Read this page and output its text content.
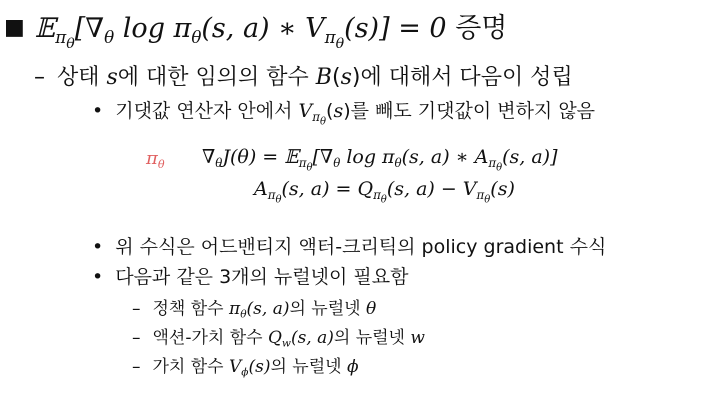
■ $𝔼_{\pi_\theta}[\nabla_\theta$ $\log \pi_\theta(s$, a) ∗ $V_{\pi_\theta}(s)] = 0$ 증명
– 상태 s에 대한 임의의 함수 B(s)에 대해서 다음이 성립
• 기댓값 연산자 안에서 $V_{\pi_\theta}(s)$를 빼도 기댓값이 변하지 않음
$\pi_\theta$ $\nabla_\theta J(\theta)$ = $𝔼_{\pi_\theta}[\nabla_\theta$ $\log \pi_\theta(s$, a) ∗ $A_{\pi_\theta}(s$, a)]
$A_{\pi_\theta}(s$, $a) = Q_{\pi_\theta}(s$, $a) - V_{\pi_\theta}(s)$
• 위 수식은 어드밴티지 액터-크리틱의 policy gradient 수식
• 다음과 같은 3개의 뉴럴넷이 필요함
– 정책 함수 $\pi_\theta(s$, a)의 뉴럴넷 θ
– 액션-가치 함수 $Q_w(s$, a)의 뉴럴넷 w
– 가치 함수 $V_\phi(s)$의 뉴럴넷 ϕ
